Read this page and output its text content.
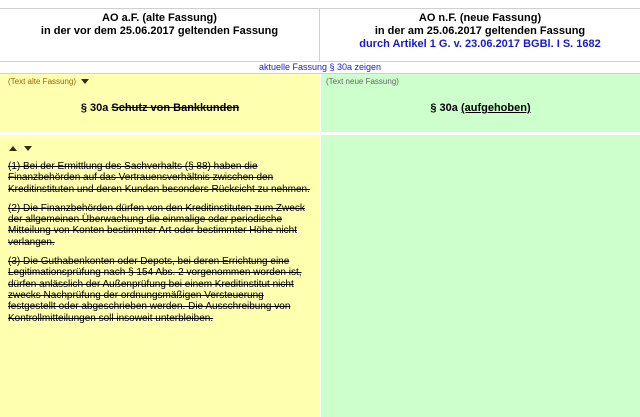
AO a.F. (alte Fassung)
in der vor dem 25.06.2017 geltenden Fassung
AO n.F. (neue Fassung)
in der am 25.06.2017 geltenden Fassung
durch Artikel 1 G. v. 23.06.2017 BGBl. I S. 1682
aktuelle Fassung § 30a zeigen
(Text alte Fassung)	(Text neue Fassung)
§ 30a Schutz von Bankkunden	§ 30a (aufgehoben)

(1) Bei der Ermittlung des Sachverhalts (§ 88) haben die Finanzbehörden auf das Vertrauensverhältnis zwischen den Kreditinstituten und deren Kunden besonders Rücksicht zu nehmen.

(2) Die Finanzbehörden dürfen von den Kreditinstituten zum Zweck der allgemeinen Überwachung die einmalige oder periodische Mitteilung von Konten bestimmter Art oder bestimmter Höhe nicht verlangen.

(3) Die Guthabenkonten oder Depots, bei deren Errichtung eine Legitimationsprüfung nach § 154 Abs. 2 vorgenommen worden ist, dürfen anlässlich der Außenprüfung bei einem Kreditinstitut nicht zwecks Nachprüfung der ordnungsmäßigen Versteuerung festgestellt oder abgeschrieben werden. Die Ausschreibung von Kontrollmitteilungen soll insoweit unterbleiben.
